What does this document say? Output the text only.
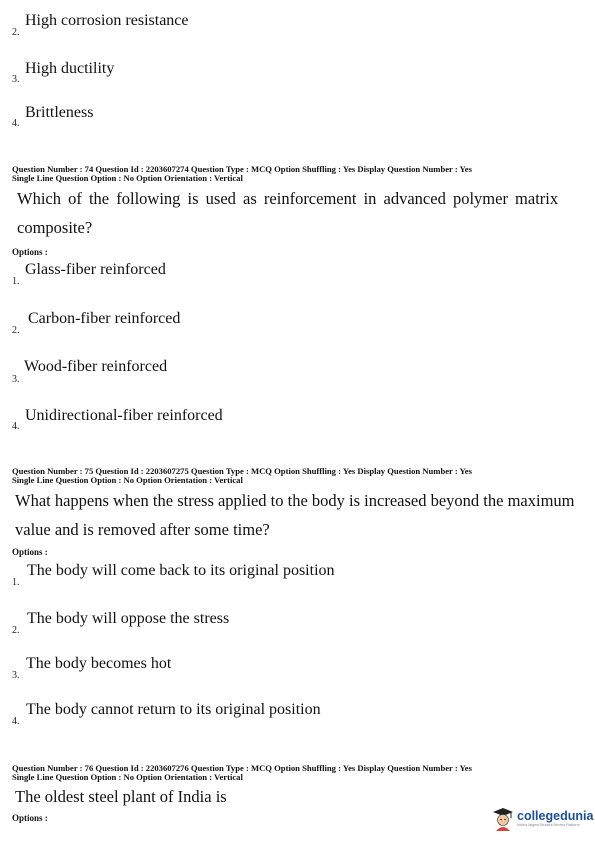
2.
High corrosion resistance
3.
High ductility
4.
Brittleness
Question Number : 74 Question Id : 2203607274 Question Type : MCQ Option Shuffling : Yes Display Question Number : Yes
Single Line Question Option : No Option Orientation : Vertical
Which of the following is used as reinforcement in advanced polymer matrix
composite?
Options :
1.
Glass-fiber reinforced
2.
Carbon-fiber reinforced
3.
Wood-fiber reinforced
4.
Unidirectional-fiber reinforced
Question Number : 75 Question Id : 2203607275 Question Type : MCQ Option Shuffling : Yes Display Question Number : Yes
Single Line Question Option : No Option Orientation : Vertical
What happens when the stress applied to the body is increased beyond the maximum
value and is removed after some time?
Options :
1.
The body will come back to its original position
2.
The body will oppose the stress
3.
The body becomes hot
4.
The body cannot return to its original position
Question Number : 76 Question Id : 2203607276 Question Type : MCQ Option Shuffling : Yes Display Question Number : Yes
Single Line Question Option : No Option Orientation : Vertical
The oldest steel plant of India is
Options :	collegedunia
India's largest Student Review Platform
